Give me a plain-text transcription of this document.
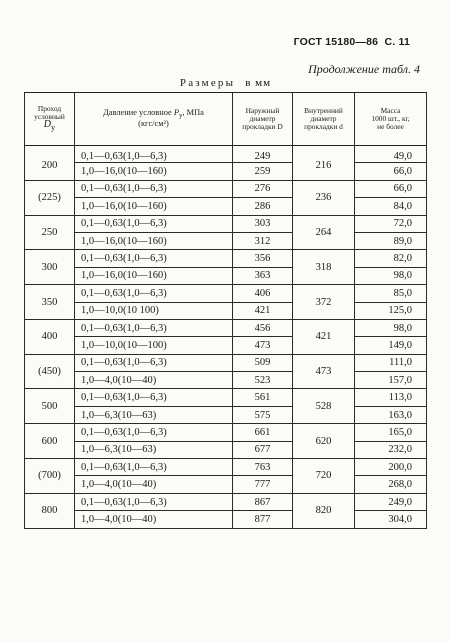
ГОСТ 15180—86 С. 11
Продолжение табл. 4
Размеры в мм
Проход
условный
$D_y$	Давление условное $P_y$, МПа
(кгс/см²)	Наружный
диаметр
прокладки D	Внутренний
диаметр
прокладки d	Масса
1000 шт., кг,
не более
200	0,1—0,63(1,0—6,3)	249	216	49,0
	1,0—16,0(10—160)	259		66,0
(225)	0,1—0,63(1,0—6,3)	276	236	66,0
	1,0—16,0(10—160)	286		84,0
250	0,1—0,63(1,0—6,3)	303	264	72,0
	1,0—16,0(10—160)	312		89,0
300	0,1—0,63(1,0—6,3)	356	318	82,0
	1,0—16,0(10—160)	363		98,0
350	0,1—0,63(1,0—6,3)	406	372	85,0
	1,0—10,0(10 100)	421		125,0
400	0,1—0,63(1,0—6,3)	456	421	98,0
	1,0—10,0(10—100)	473		149,0
(450)	0,1—0,63(1,0—6,3)	509	473	111,0
	1,0—4,0(10—40)	523		157,0
500	0,1—0,63(1,0—6,3)	561	528	113,0
	1,0—6,3(10—63)	575		163,0
600	0,1—0,63(1,0—6,3)	661	620	165,0
	1,0—6,3(10—63)	677		232,0
(700)	0,1—0,63(1,0—6,3)	763	720	200,0
	1,0—4,0(10—40)	777		268,0
800	0,1—0,63(1,0—6,3)	867	820	249,0
	1,0—4,0(10—40)	877		304,0
